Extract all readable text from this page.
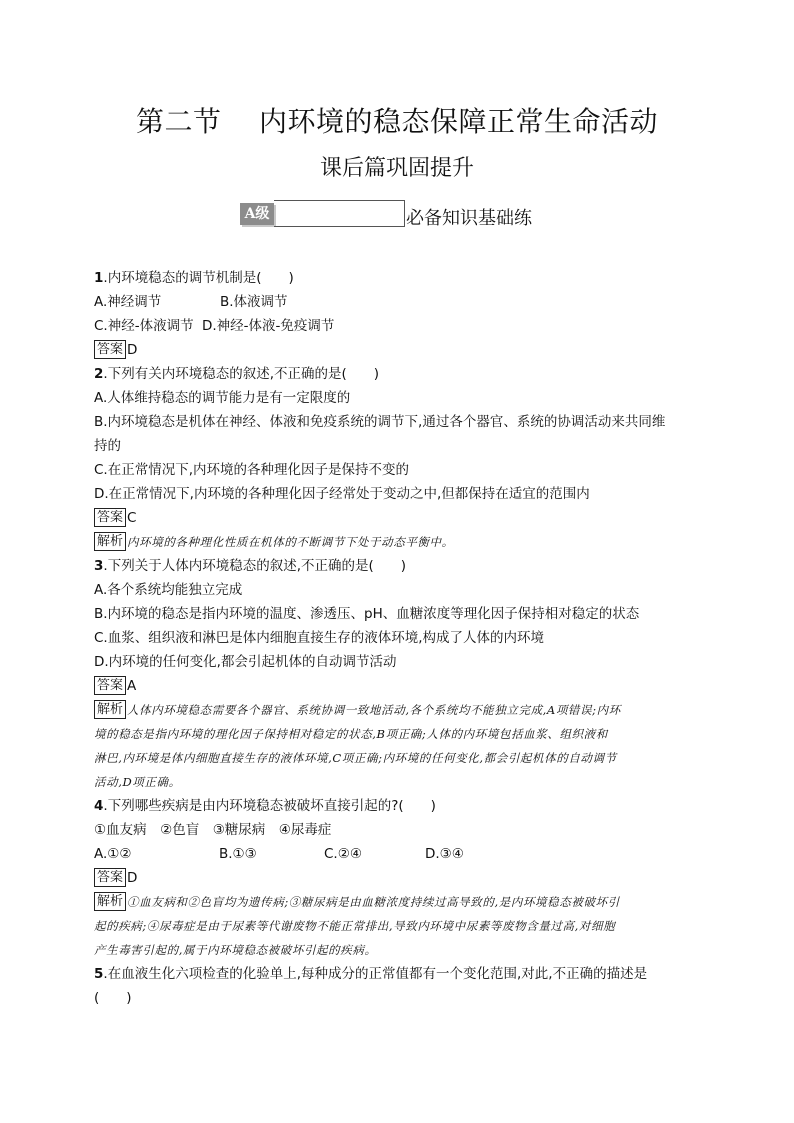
第二节    内环境的稳态保障正常生命活动
课后篇巩固提升
A级	必备知识基础练
1.内环境稳态的调节机制是(　　)
A.神经调节	B.体液调节
C.神经-体液调节 D.神经-体液-免疫调节
答案 D
2.下列有关内环境稳态的叙述,不正确的是(　　)
A.人体维持稳态的调节能力是有一定限度的
B.内环境稳态是机体在神经、体液和免疫系统的调节下,通过各个器官、系统的协调活动来共同维
持的
C.在正常情况下,内环境的各种理化因子是保持不变的
D.在正常情况下,内环境的各种理化因子经常处于变动之中,但都保持在适宜的范围内
答案 C
解析 内环境的各种理化性质在机体的不断调节下处于动态平衡中。
3.下列关于人体内环境稳态的叙述,不正确的是(　　)
A.各个系统均能独立完成
B.内环境的稳态是指内环境的温度、渗透压、pH、血糖浓度等理化因子保持相对稳定的状态
C.血浆、组织液和淋巴是体内细胞直接生存的液体环境,构成了人体的内环境
D.内环境的任何变化,都会引起机体的自动调节活动
答案 A
解析 人体内环境稳态需要各个器官、系统协调一致地活动,各个系统均不能独立完成,A项错误;内环
境的稳态是指内环境的理化因子保持相对稳定的状态,B项正确;人体的内环境包括血浆、组织液和
淋巴,内环境是体内细胞直接生存的液体环境,C项正确;内环境的任何变化,都会引起机体的自动调节
活动,D项正确。
4.下列哪些疾病是由内环境稳态被破坏直接引起的?(　　)
①血友病　②色盲　③糖尿病　④尿毒症
A.①②	B.①③	C.②④	D.③④
答案 D
解析 ①血友病和②色盲均为遗传病;③糖尿病是由血糖浓度持续过高导致的,是内环境稳态被破坏引
起的疾病;④尿毒症是由于尿素等代谢废物不能正常排出,导致内环境中尿素等废物含量过高,对细胞
产生毒害引起的,属于内环境稳态被破坏引起的疾病。
5.在血液生化六项检查的化验单上,每种成分的正常值都有一个变化范围,对此,不正确的描述是
(　　)
